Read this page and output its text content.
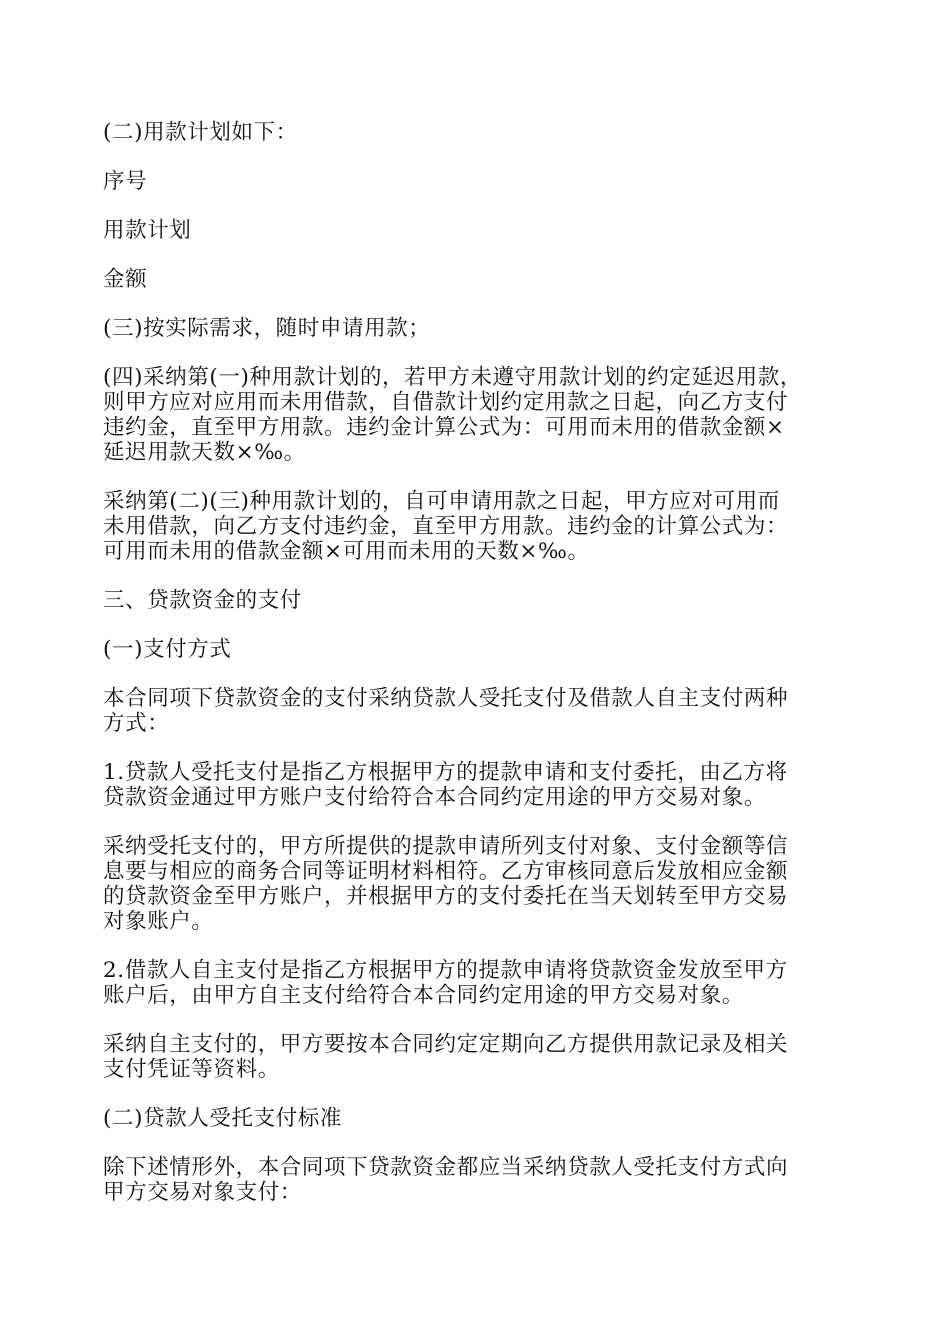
(二)用款计划如下：

序号

用款计划

金额

(三)按实际需求，随时申请用款；

(四)采纳第(一)种用款计划的，若甲方未遵守用款计划的约定延迟用款，
则甲方应对应用而未用借款，自借款计划约定用款之日起，向乙方支付
违约金，直至甲方用款。违约金计算公式为：可用而未用的借款金额×
延迟用款天数×‰。

采纳第(二)(三)种用款计划的，自可申请用款之日起，甲方应对可用而
未用借款，向乙方支付违约金，直至甲方用款。违约金的计算公式为：
可用而未用的借款金额×可用而未用的天数×‰。

三、贷款资金的支付

(一)支付方式

本合同项下贷款资金的支付采纳贷款人受托支付及借款人自主支付两种
方式：

1.贷款人受托支付是指乙方根据甲方的提款申请和支付委托，由乙方将
贷款资金通过甲方账户支付给符合本合同约定用途的甲方交易对象。

采纳受托支付的，甲方所提供的提款申请所列支付对象、支付金额等信
息要与相应的商务合同等证明材料相符。乙方审核同意后发放相应金额
的贷款资金至甲方账户，并根据甲方的支付委托在当天划转至甲方交易
对象账户。

2.借款人自主支付是指乙方根据甲方的提款申请将贷款资金发放至甲方
账户后，由甲方自主支付给符合本合同约定用途的甲方交易对象。

采纳自主支付的，甲方要按本合同约定定期向乙方提供用款记录及相关
支付凭证等资料。

(二)贷款人受托支付标准

除下述情形外，本合同项下贷款资金都应当采纳贷款人受托支付方式向
甲方交易对象支付：
